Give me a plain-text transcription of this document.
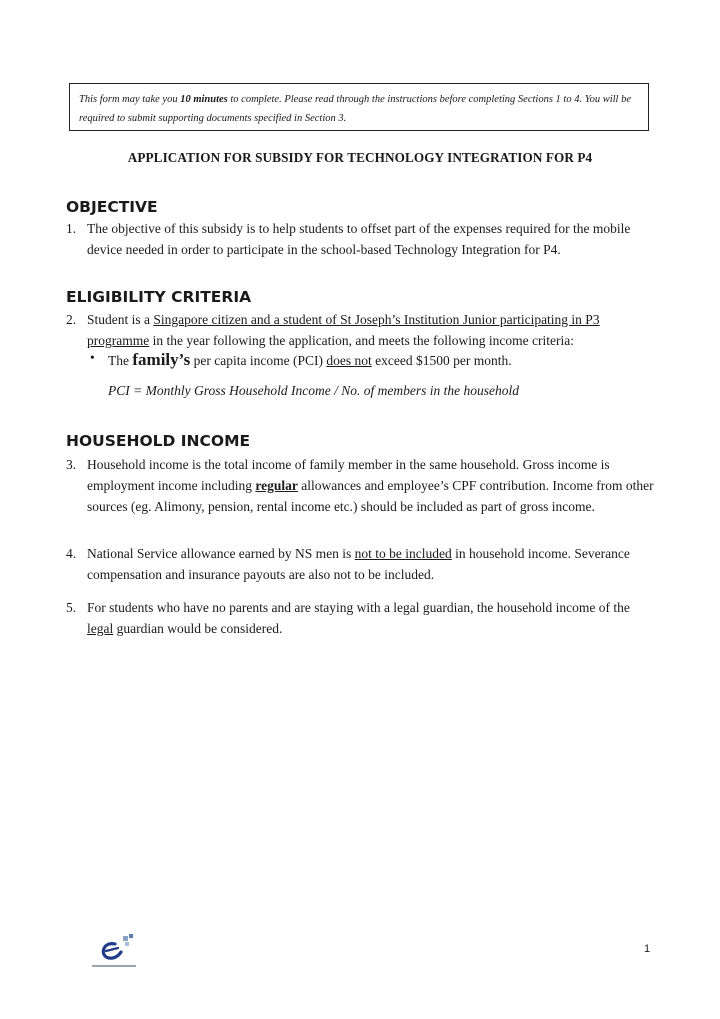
This form may take you 10 minutes to complete. Please read through the instructions before completing Sections 1 to 4. You will be required to submit supporting documents specified in Section 3.
APPLICATION FOR SUBSIDY FOR TECHNOLOGY INTEGRATION FOR P4
OBJECTIVE
1. The objective of this subsidy is to help students to offset part of the expenses required for the mobile device needed in order to participate in the school-based Technology Integration for P4.
ELIGIBILITY CRITERIA
2. Student is a Singapore citizen and a student of St Joseph’s Institution Junior participating in P3 programme in the year following the application, and meets the following income criteria:
• The family’s per capita income (PCI) does not exceed $1500 per month.
PCI = Monthly Gross Household Income / No. of members in the household
HOUSEHOLD INCOME
3. Household income is the total income of family member in the same household. Gross income is employment income including regular allowances and employee’s CPF contribution. Income from other sources (eg. Alimony, pension, rental income etc.) should be included as part of gross income.
4. National Service allowance earned by NS men is not to be included in household income. Severance compensation and insurance payouts are also not to be included.
5. For students who have no parents and are staying with a legal guardian, the household income of the legal guardian would be considered.
1
